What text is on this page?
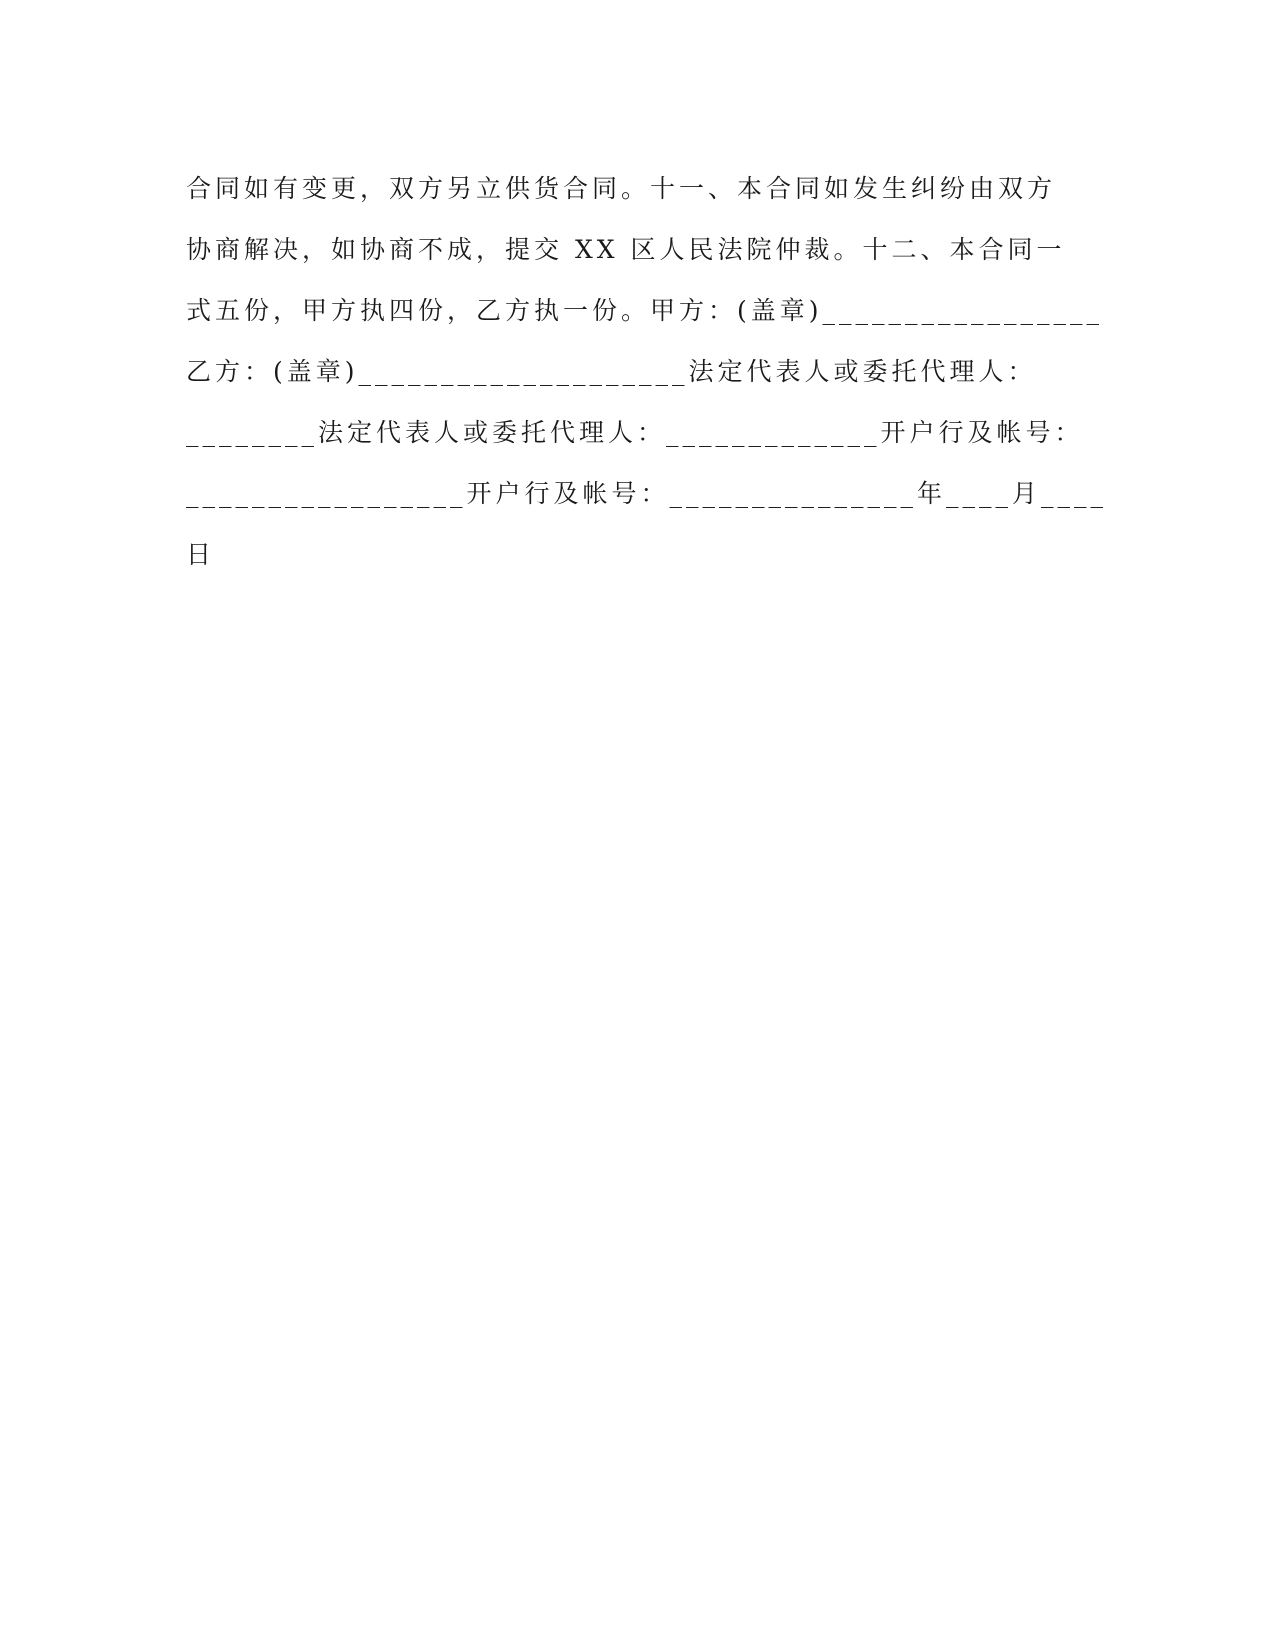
合同如有变更，双方另立供货合同。十一、本合同如发生纠纷由双方
协商解决，如协商不成，提交 XX 区人民法院仲裁。十二、本合同一
式五份，甲方执四份，乙方执一份。甲方：(盖章)_________________
乙方：(盖章)____________________法定代表人或委托代理人：
________法定代表人或委托代理人：_____________开户行及帐号：
_________________开户行及帐号：_______________年____月____
日
